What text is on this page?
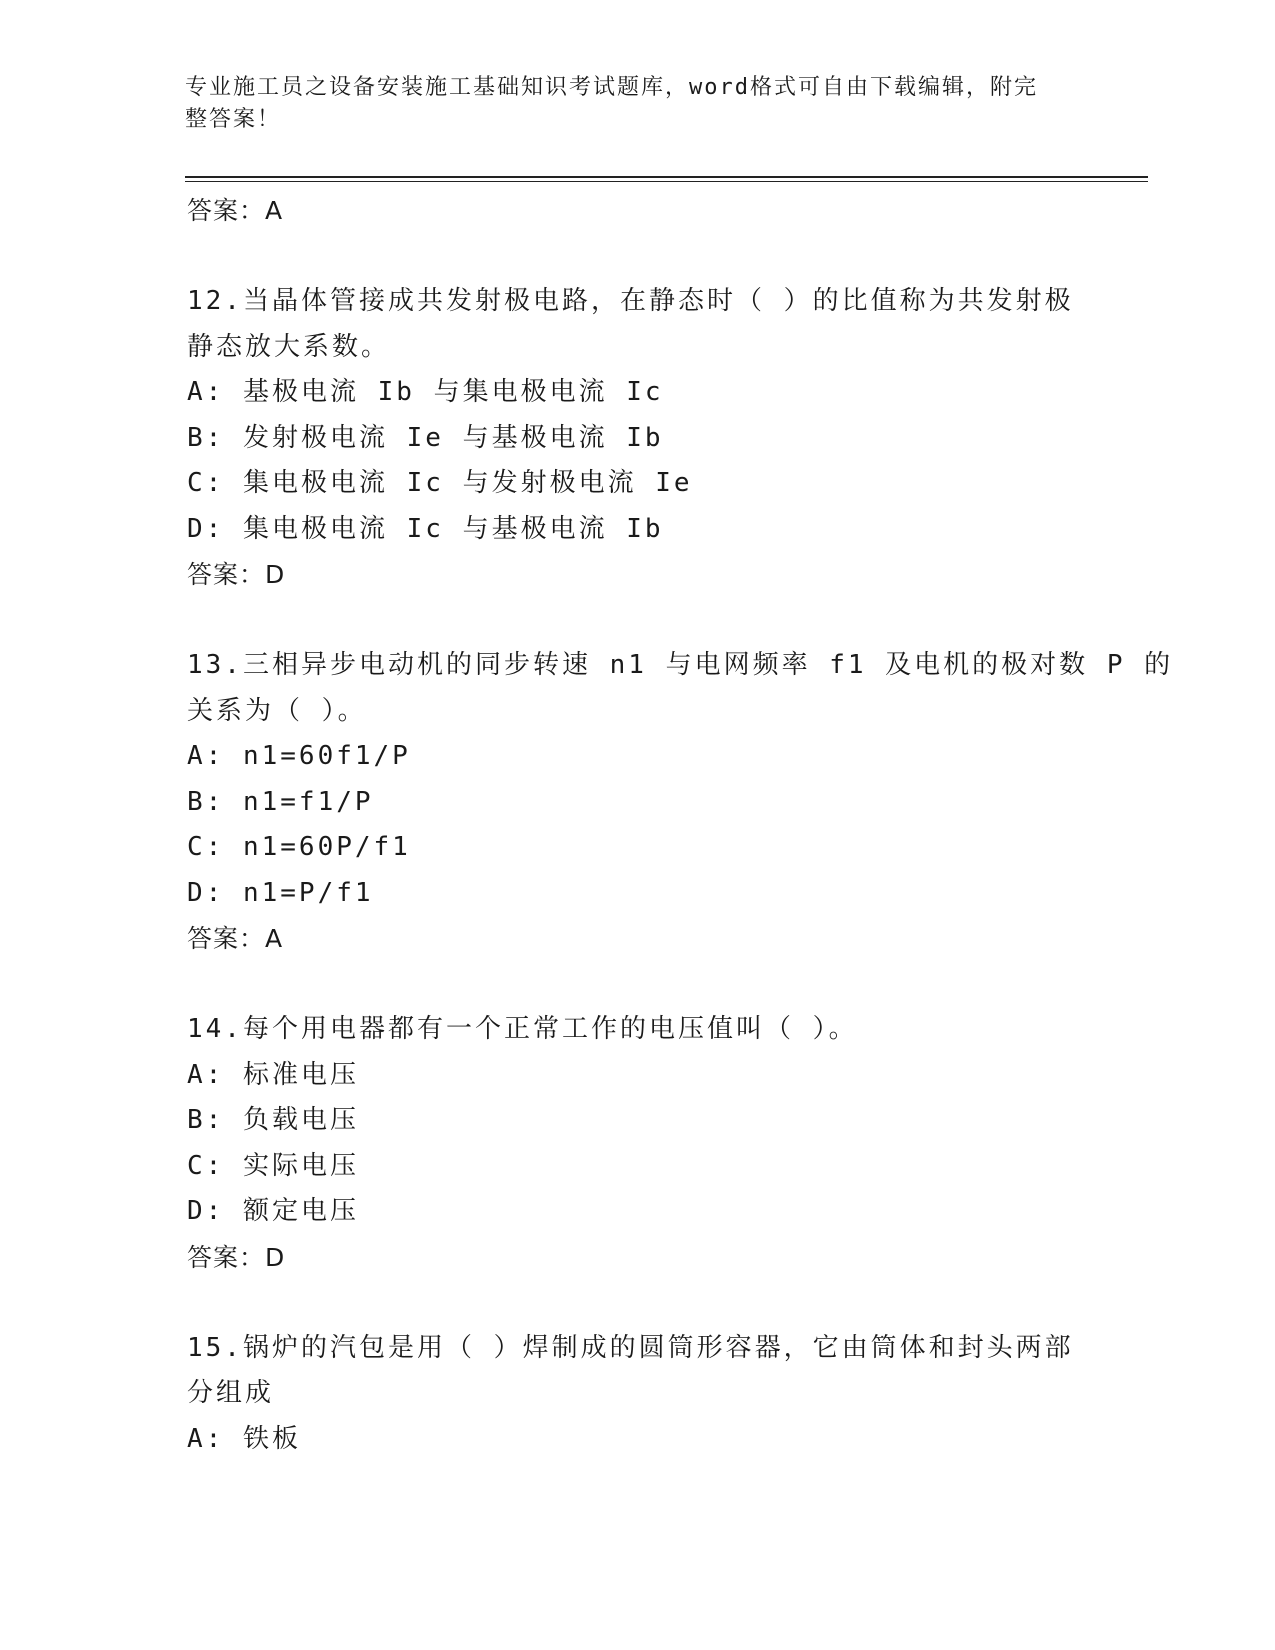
专业施工员之设备安装施工基础知识考试题库，word格式可自由下载编辑，附完
整答案！
答案：A
12.当晶体管接成共发射极电路，在静态时（ ）的比值称为共发射极
静态放大系数。
A: 基极电流 Ib 与集电极电流 Ic
B: 发射极电流 Ie 与基极电流 Ib
C: 集电极电流 Ic 与发射极电流 Ie
D: 集电极电流 Ic 与基极电流 Ib
答案：D
13.三相异步电动机的同步转速 n1 与电网频率 f1 及电机的极对数 P 的
关系为（ ）。
A: n1=60f1/P
B: n1=f1/P
C: n1=60P/f1
D: n1=P/f1
答案：A
14.每个用电器都有一个正常工作的电压值叫（ ）。
A: 标准电压
B: 负载电压
C: 实际电压
D: 额定电压
答案：D
15.锅炉的汽包是用（ ）焊制成的圆筒形容器，它由筒体和封头两部
分组成
A: 铁板
